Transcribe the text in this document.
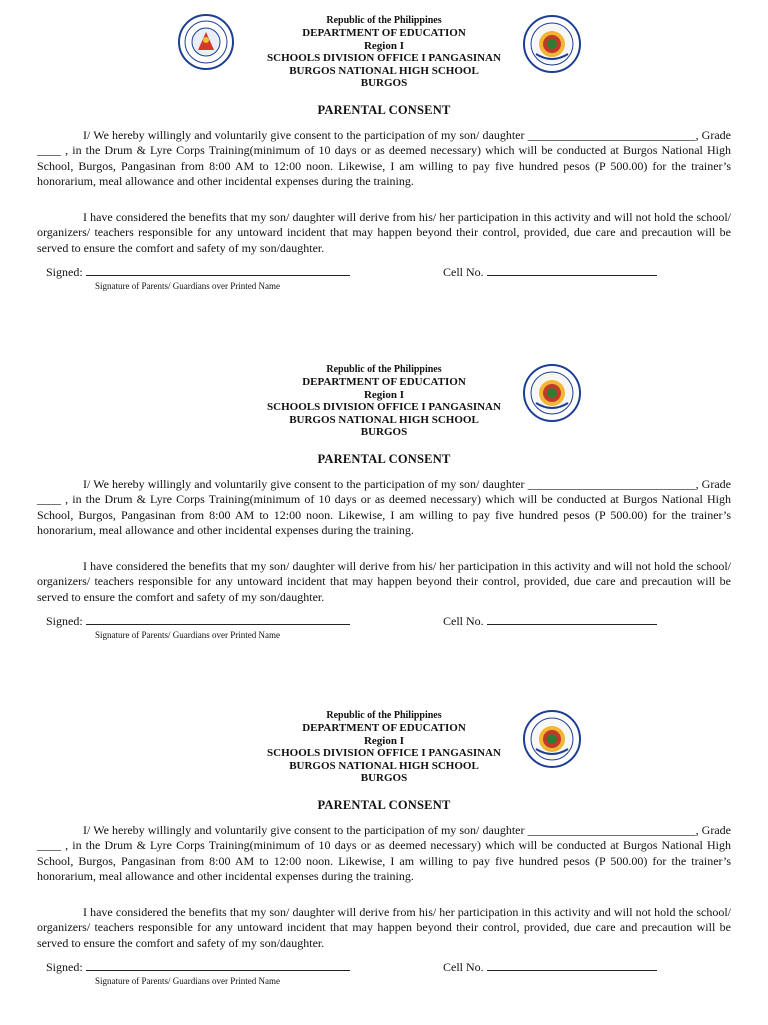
Republic of the Philippines
DEPARTMENT OF EDUCATION
Region I
SCHOOLS DIVISION OFFICE I PANGASINAN
BURGOS NATIONAL HIGH SCHOOL
BURGOS
PARENTAL CONSENT
I/ We hereby willingly and voluntarily give consent to the participation of my son/ daughter ____________________________, Grade ____ , in the Drum & Lyre Corps Training(minimum of 10 days or as deemed necessary) which will be conducted at Burgos National High School, Burgos, Pangasinan from 8:00 AM to 12:00 noon. Likewise, I am willing to pay five hundred pesos (P 500.00) for the trainer’s honorarium, meal allowance and other incidental expenses during the training.
I have considered the benefits that my son/ daughter will derive from his/ her participation in this activity and will not hold the school/ organizers/ teachers responsible for any untoward incident that may happen beyond their control, provided, due care and precaution will be served to ensure the comfort and safety of my son/daughter.
Signed:	Cell No.
Signature of Parents/ Guardians over Printed Name
Republic of the Philippines
DEPARTMENT OF EDUCATION
Region I
SCHOOLS DIVISION OFFICE I PANGASINAN
BURGOS NATIONAL HIGH SCHOOL
BURGOS
PARENTAL CONSENT
I/ We hereby willingly and voluntarily give consent to the participation of my son/ daughter ____________________________, Grade ____ , in the Drum & Lyre Corps Training(minimum of 10 days or as deemed necessary) which will be conducted at Burgos National High School, Burgos, Pangasinan from 8:00 AM to 12:00 noon. Likewise, I am willing to pay five hundred pesos (P 500.00) for the trainer’s honorarium, meal allowance and other incidental expenses during the training.
I have considered the benefits that my son/ daughter will derive from his/ her participation in this activity and will not hold the school/ organizers/ teachers responsible for any untoward incident that may happen beyond their control, provided, due care and precaution will be served to ensure the comfort and safety of my son/daughter.
Signed:	Cell No.
Signature of Parents/ Guardians over Printed Name
Republic of the Philippines
DEPARTMENT OF EDUCATION
Region I
SCHOOLS DIVISION OFFICE I PANGASINAN
BURGOS NATIONAL HIGH SCHOOL
BURGOS
PARENTAL CONSENT
I/ We hereby willingly and voluntarily give consent to the participation of my son/ daughter ____________________________, Grade ____ , in the Drum & Lyre Corps Training(minimum of 10 days or as deemed necessary) which will be conducted at Burgos National High School, Burgos, Pangasinan from 8:00 AM to 12:00 noon. Likewise, I am willing to pay five hundred pesos (P 500.00) for the trainer’s honorarium, meal allowance and other incidental expenses during the training.
I have considered the benefits that my son/ daughter will derive from his/ her participation in this activity and will not hold the school/ organizers/ teachers responsible for any untoward incident that may happen beyond their control, provided, due care and precaution will be served to ensure the comfort and safety of my son/daughter.
Signed:	Cell No.
Signature of Parents/ Guardians over Printed Name
